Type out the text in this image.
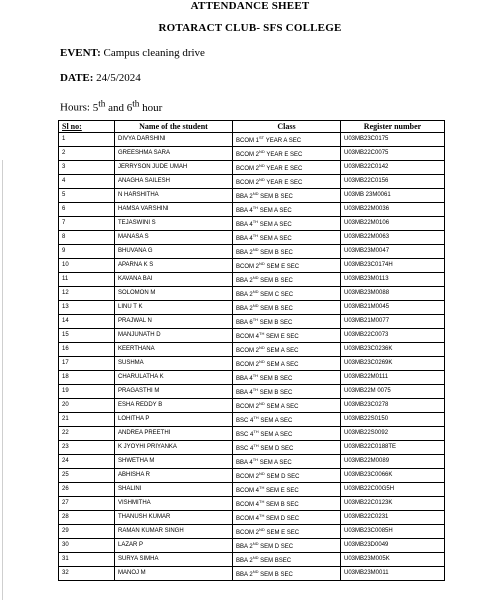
ATTENDANCE SHEET
ROTARACT CLUB- SFS COLLEGE
EVENT: Campus cleaning drive
DATE: 24/5/2024
Hours: 5th and 6th hour
Sl no:	Name of the student	Class	Register number
1	DIVYA DARSHINI	BCOM 1ST YEAR A SEC	U03MB23C0175
2	GREESHMA SARA	BCOM 2ND YEAR E SEC	U03MB22C0075
3	JERRYSON JUDE UMAH	BCOM 2ND YEAR E SEC	U03MB22C0142
4	ANAGHA SAILESH	BCOM 2ND YEAR E SEC	U03MB22C0156
5	N HARSHITHA	BBA 2ND SEM B SEC	U03MB 23M0061
6	HAMSA VARSHINI	BBA 4TH SEM A SEC	U03MB22M0036
7	TEJASWINI S	BBA 4TH SEM A SEC	U03MB22M0106
8	MANASA S	BBA 4TH SEM A SEC	U03MB22M0063
9	BHUVANA G	BBA 2ND SEM B SEC	U03MB23M0047
10	APARNA K S	BCOM 2ND SEM E SEC	U03MB23C0174H
11	KAVANA BAI	BBA 2ND SEM B SEC	U03MB23M0113
12	SOLOMON M	BBA 2ND SEM C SEC	U03MB23M0088
13	LINU T K	BBA 2ND SEM B SEC	U03MB21M0045
14	PRAJWAL N	BBA 6TH SEM B SEC	U03MB21M0077
15	MANJUNATH D	BCOM 4TH SEM E SEC	U03MB22C0073
16	KEERTHANA	BCOM 2ND SEM A SEC	U03MB23C0236K
17	SUSHMA	BCOM 2ND SEM A SEC	U03MB23C0269K
18	CHARULATHA K	BBA 4TH SEM B SEC	U03MB22M0111
19	PRAGASTHI M	BBA 4TH SEM B SEC	U03MB22M 0075
20	ESHA REDDY B	BCOM 2ND SEM A SEC	U03MB23C0278
21	LOHITHA P	BSC 4TH SEM A SEC	U03MB22S0150
22	ANDREA PREETHI	BSC 4TH SEM A SEC	U03MB22S0092
23	K JYOYHI PRIYANKA	BSC 4TH SEM D SEC	U03MB22C0188TE
24	SHWETHA M	BBA 4TH SEM A SEC	U03MB22M0089
25	ABHISHA R	BCOM 2ND SEM D SEC	U03MB23C0066K
26	SHALINI	BCOM 4TH SEM E SEC	U03MB22C00G5H
27	VISHMITHA	BCOM 4TH SEM B SEC	U03MB22C0123K
28	THANUSH KUMAR	BCOM 4TH SEM D SEC	U03MB22C0231
29	RAMAN KUMAR SINGH	BCOM 2ND SEM E SEC	U03MB23C0085H
30	LAZAR P	BBA 2ND SEM D SEC	U03MB23D0049
31	SURYA SIMHA	BBA 2ND SEM BSEC	U03MB23M005K
32	MANOJ M	BBA 2ND SEM B SEC	U03MB23M0011
